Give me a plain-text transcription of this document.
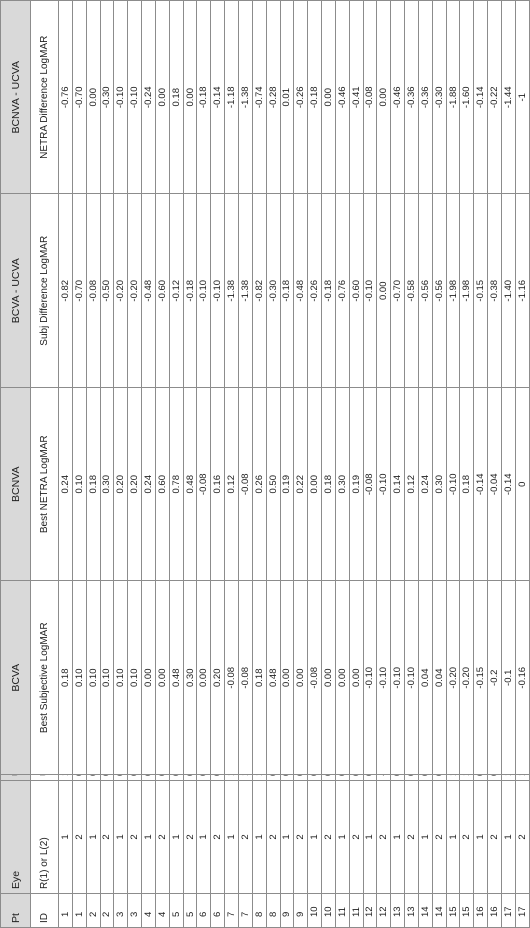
Pt	Eye		BCVA	BCNVA	BCVA - UCVA	BCNVA - UCVA
ID	R(1) or L(2)		Best Subjective LogMAR	Best NETRA LogMAR	Subj Difference LogMAR	NETRA Difference LogMAR
1	1		0.18	0.24	-0.82	-0.76
1	2		0.10	0.10	-0.70	-0.70
2	1		0.10	0.18	-0.08	0.00
2	2		0.10	0.30	-0.50	-0.30
3	1		0.10	0.20	-0.20	-0.10
3	2		0.10	0.20	-0.20	-0.10
4	1		0.00	0.24	-0.48	-0.24
4	2		0.00	0.60	-0.60	0.00
5	1		0.48	0.78	-0.12	0.18
5	2		0.30	0.48	-0.18	0.00
6	1		0.00	-0.08	-0.10	-0.18
6	2		0.20	0.16	-0.10	-0.14
7	1		-0.08	0.12	-1.38	-1.18
7	2		-0.08	-0.08	-1.38	-1.38
8	1		0.18	0.26	-0.82	-0.74
8	2		0.48	0.50	-0.30	-0.28
9	1		0.00	0.19	-0.18	0.01
9	2		0.00	0.22	-0.48	-0.26
10	1		-0.08	0.00	-0.26	-0.18
10	2		0.00	0.18	-0.18	0.00
11	1		0.00	0.30	-0.76	-0.46
11	2		0.00	0.19	-0.60	-0.41
12	1		-0.10	-0.08	-0.10	-0.08
12	2		-0.10	-0.10	0.00	0.00
13	1		-0.10	0.14	-0.70	-0.46
13	2		-0.10	0.12	-0.58	-0.36
14	1		0.04	0.24	-0.56	-0.36
14	2		0.04	0.30	-0.56	-0.30
15	1		-0.20	-0.10	-1.98	-1.88
15	2		-0.20	0.18	-1.98	-1.60
16	1		-0.15	-0.14	-0.15	-0.14
16	2		-0.2	-0.04	-0.38	-0.22
17	1		-0.1	-0.14	-1.40	-1.44
17	2		-0.16	0	-1.16	-1
